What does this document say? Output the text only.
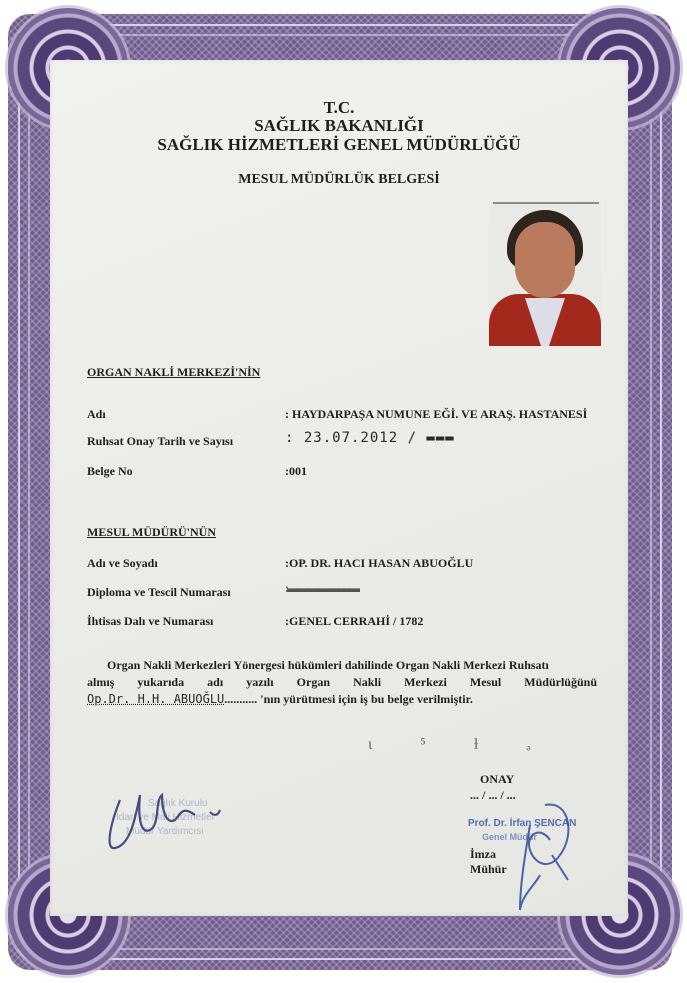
T.C.
SAĞLIK BAKANLIĞI
SAĞLIK HİZMETLERİ GENEL MÜDÜRLÜĞÜ
MESUL MÜDÜRLÜK BELGESİ
ORGAN NAKLİ MERKEZİ'NİN
Adı	: HAYDARPAŞA NUMUNE EĞİ. VE ARAŞ. HASTANESİ
Ruhsat Onay Tarih ve Sayısı	: 23.07.2012 / ▬▬▬
Belge No	:001
MESUL MÜDÜRÜ'NÜN
Adı ve Soyadı	:OP. DR. HACI HASAN ABUOĞLU
Diploma ve Tescil Numarası	:▬▬▬▬ ▬▬▬
İhtisas Dalı ve Numarası	:GENEL CERRAHİ / 1782
Organ Nakli Merkezleri Yönergesi hükümleri dahilinde Organ Nakli Merkezi Ruhsatı
almış yukarıda adı yazılı Organ Nakli Merkezi Mesul Müdürlüğünü
Op.Dr. H.H. ABUOĞLU........... 'nın yürütmesi için iş bu belge verilmiştir.
ɩ ⁵ ɫ ₔ
ONAY
... / ... / ...
Prof. Dr. İrfan ŞENCAN
Genel Müdür
İmza
Mühür
Sağlık Kurulu
İdari ve Mali Hizmetler
Müdür Yardımcısı
